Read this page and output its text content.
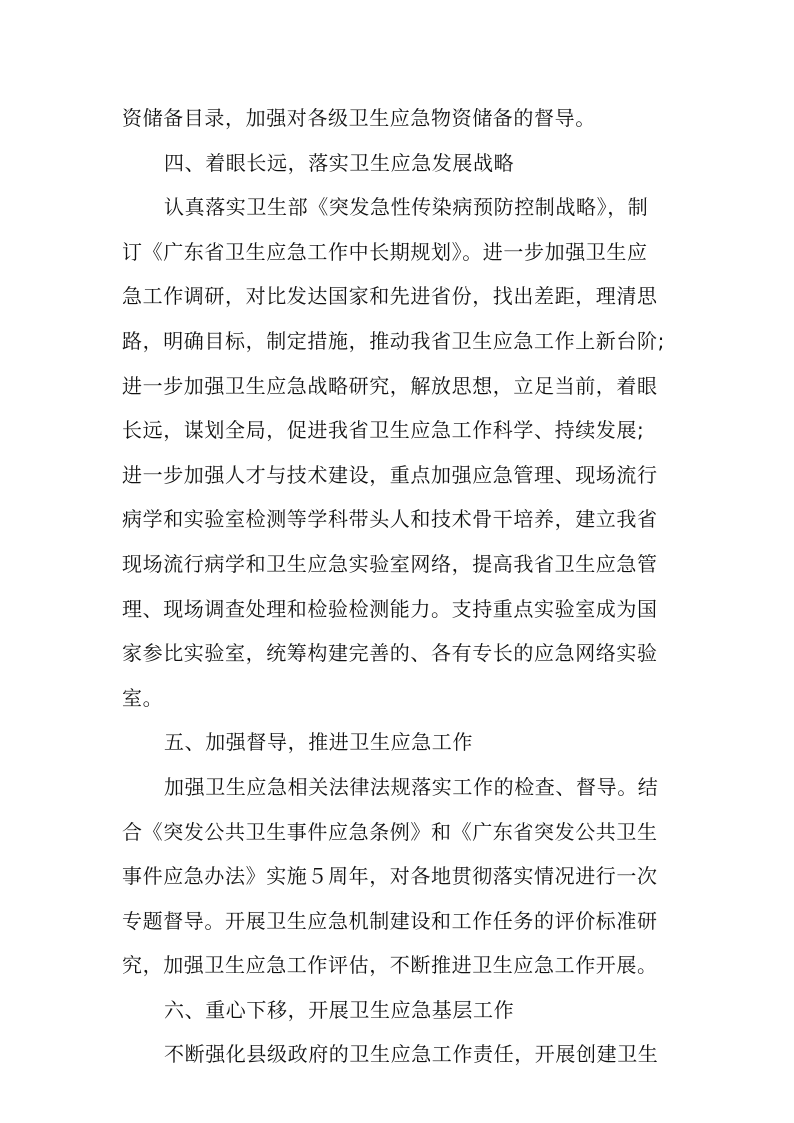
资储备目录，加强对各级卫生应急物资储备的督导。
四、着眼长远，落实卫生应急发展战略
认真落实卫生部《突发急性传染病预防控制战略》，制
订《广东省卫生应急工作中长期规划》。进一步加强卫生应
急工作调研，对比发达国家和先进省份，找出差距，理清思
路，明确目标，制定措施，推动我省卫生应急工作上新台阶;
进一步加强卫生应急战略研究，解放思想，立足当前，着眼
长远，谋划全局，促进我省卫生应急工作科学、持续发展;
进一步加强人才与技术建设，重点加强应急管理、现场流行
病学和实验室检测等学科带头人和技术骨干培养，建立我省
现场流行病学和卫生应急实验室网络，提高我省卫生应急管
理、现场调查处理和检验检测能力。支持重点实验室成为国
家参比实验室，统筹构建完善的、各有专长的应急网络实验
室。
五、加强督导，推进卫生应急工作
加强卫生应急相关法律法规落实工作的检查、督导。结
合《突发公共卫生事件应急条例》和《广东省突发公共卫生
事件应急办法》实施５周年，对各地贯彻落实情况进行一次
专题督导。开展卫生应急机制建设和工作任务的评价标准研
究，加强卫生应急工作评估，不断推进卫生应急工作开展。
六、重心下移，开展卫生应急基层工作
不断强化县级政府的卫生应急工作责任，开展创建卫生
